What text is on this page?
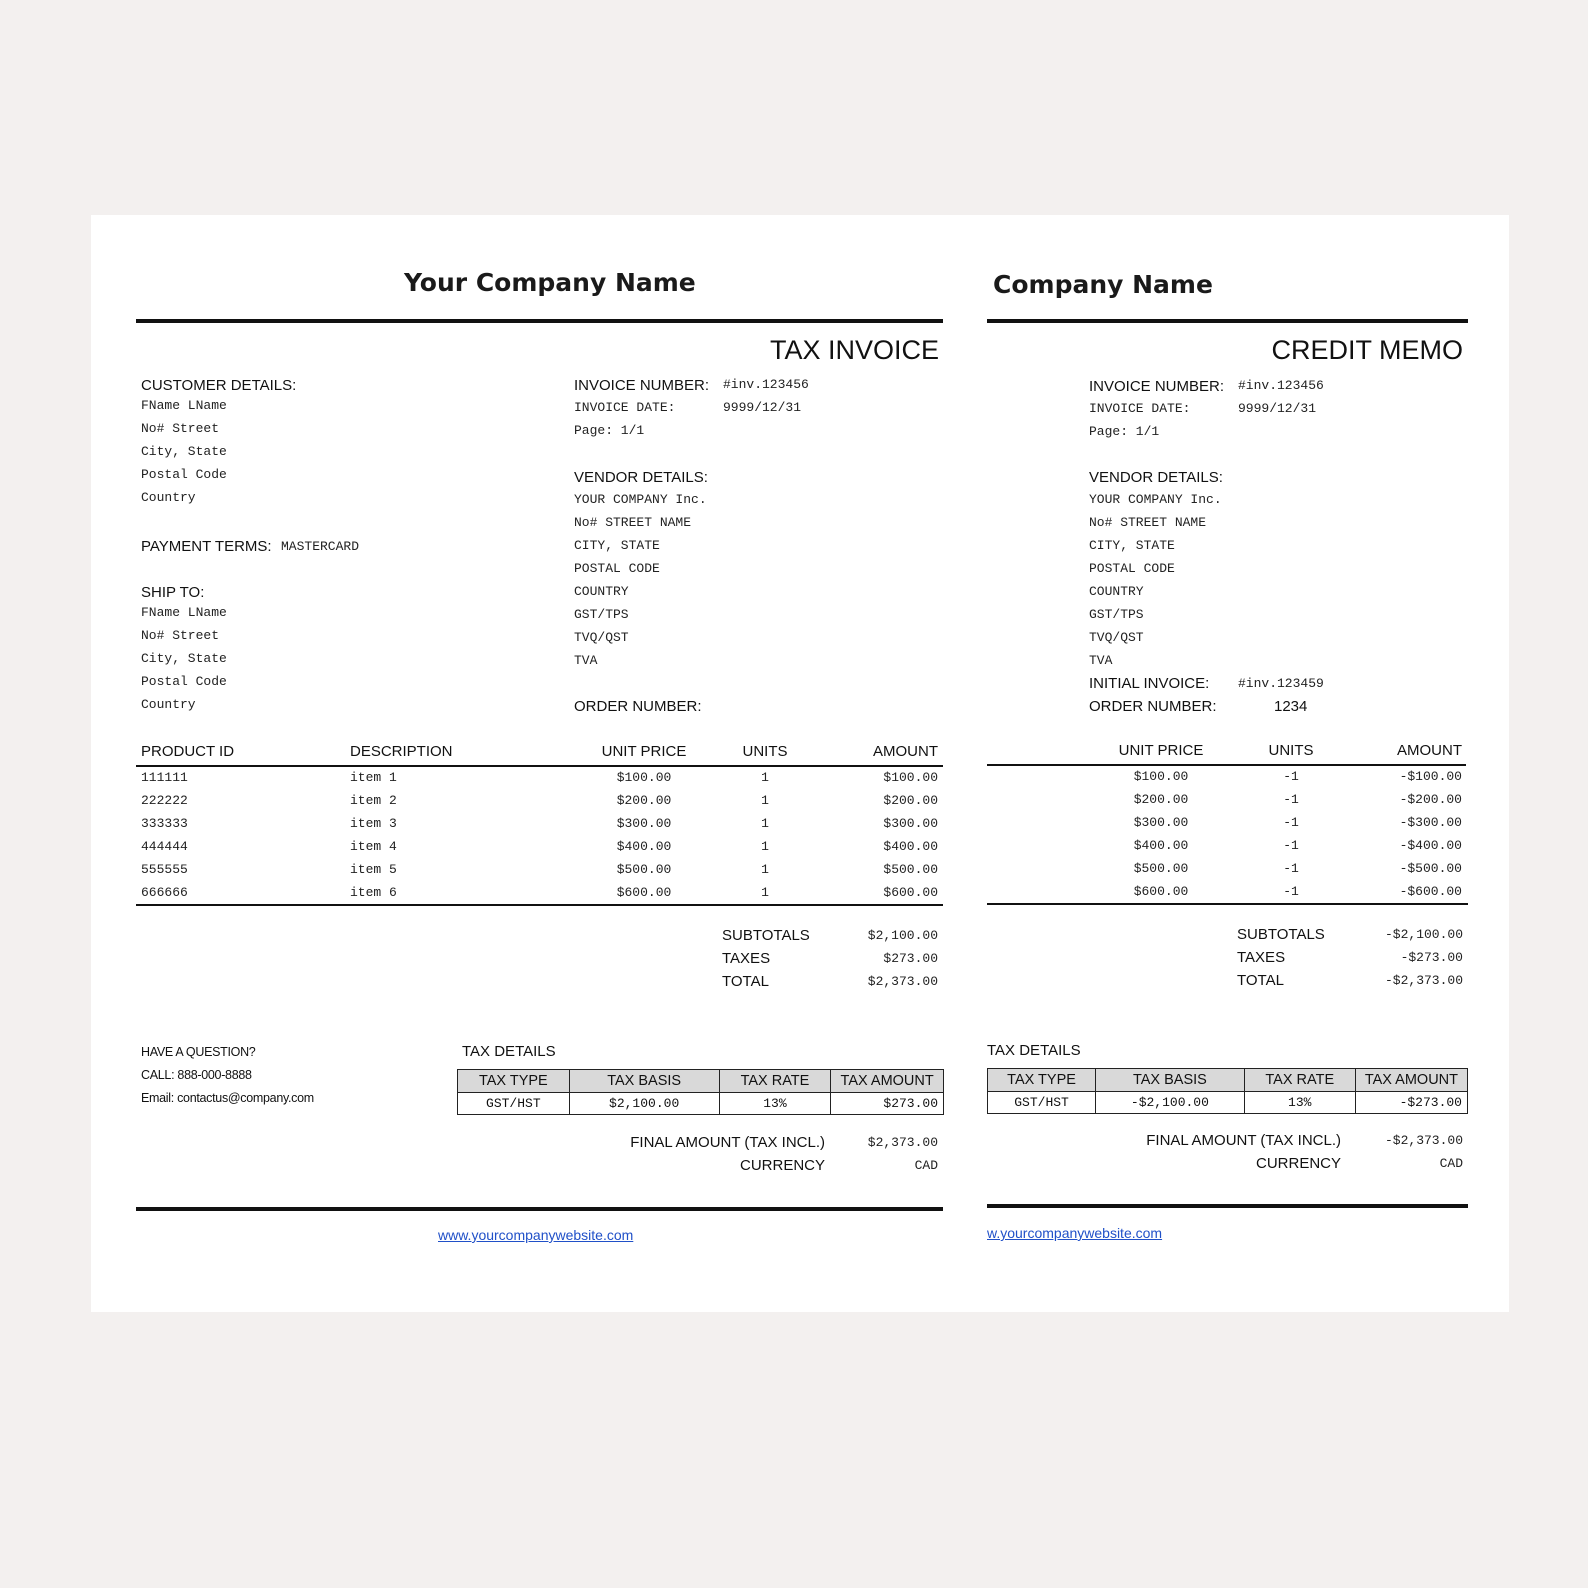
Your Company Name
TAX INVOICE
CUSTOMER DETAILS:
FName LName
No# Street
City, State
Postal Code
Country
PAYMENT TERMS: MASTERCARD
SHIP TO:
FName LName
No# Street
City, State
Postal Code
Country
INVOICE NUMBER: #inv.123456
INVOICE DATE:	9999/12/31
Page: 1/1
VENDOR DETAILS:
YOUR COMPANY Inc.
No# STREET NAME
CITY, STATE
POSTAL CODE
COUNTRY
GST/TPS
TVQ/QST
TVA
ORDER NUMBER:
PRODUCT ID	DESCRIPTION	UNIT PRICE	UNITS	AMOUNT
111111	item 1	$100.00	1	$100.00
222222	item 2	$200.00	1	$200.00
333333	item 3	$300.00	1	$300.00
444444	item 4	$400.00	1	$400.00
555555	item 5	$500.00	1	$500.00
666666	item 6	$600.00	1	$600.00
SUBTOTALS	$2,100.00
TAXES	$273.00
TOTAL	$2,373.00
HAVE A QUESTION?
CALL: 888-000-8888
Email: contactus@company.com
TAX DETAILS
TAX TYPE	TAX BASIS	TAX RATE	TAX AMOUNT
GST/HST	$2,100.00	13%	$273.00
FINAL AMOUNT (TAX INCL.)	$2,373.00
CURRENCY	CAD
www.yourcompanywebsite.com
Company Name
CREDIT MEMO
INVOICE NUMBER: #inv.123456
INVOICE DATE:	9999/12/31
Page: 1/1
VENDOR DETAILS:
YOUR COMPANY Inc.
No# STREET NAME
CITY, STATE
POSTAL CODE
COUNTRY
GST/TPS
TVQ/QST
TVA
INITIAL INVOICE: #inv.123459
ORDER NUMBER:	1234
UNIT PRICE	UNITS	AMOUNT
$100.00	-1	-$100.00
$200.00	-1	-$200.00
$300.00	-1	-$300.00
$400.00	-1	-$400.00
$500.00	-1	-$500.00
$600.00	-1	-$600.00
SUBTOTALS	-$2,100.00
TAXES	-$273.00
TOTAL	-$2,373.00
TAX DETAILS
TAX TYPE	TAX BASIS	TAX RATE	TAX AMOUNT
GST/HST	-$2,100.00	13%	-$273.00
FINAL AMOUNT (TAX INCL.)	-$2,373.00
CURRENCY	CAD
w.yourcompanywebsite.com
